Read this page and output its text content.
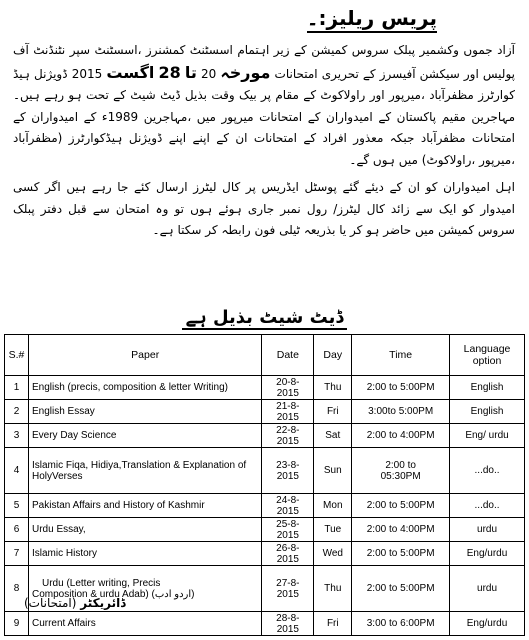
پریس ریلیز:۔
آزاد جموں وکشمیر پبلک سروس کمیشن کے زیر اہتمام اسسٹنٹ کمشنرز ،اسسٹنٹ سپر نٹنڈنٹ آف پولیس اور سیکشن آفیسرز کے تحریری امتحانات مورخہ 20 تا 28 اگست 2015 ڈویژنل ہیڈ کوارٹرز مظفرآباد ،میرپور اور راولاکوٹ کے مقام پر بیک وقت بذیل ڈیٹ شیٹ کے تحت ہو رہے ہیں۔ مہاجرین مقیم پاکستان کے امیدواران کے امتحانات میرپور میں ،مہاجرین 1989ء کے امیدواران کے امتحانات مظفرآباد جبکہ معذور افراد کے امتحانات ان کے اپنے اپنے ڈویژنل ہیڈکوارٹرز (مظفرآباد ،میرپور ،راولاکوٹ) میں ہوں گے۔
اہل امیدواران کو ان کے دیئے گئے پوسٹل ایڈریس پر کال لیٹرز ارسال کئے جا رہے ہیں اگر کسی امیدوار کو ایک سے زائد کال لیٹرز/ رول نمبر جاری ہوئے ہوں تو وہ امتحان سے قبل دفتر پبلک سروس کمیشن میں حاضر ہو کر یا بذریعہ ٹیلی فون رابطہ کر سکتا ہے۔
ڈیٹ شیٹ بذیل ہے
S.#	Paper	Date	Day	Time	Language
option
1	English (precis, composition & letter Writing)	20-8-2015	Thu	2:00 to 5:00PM	English
2	English Essay	21-8-2015	Fri	3:00to 5:00PM	English
3	Every Day Science	22-8-2015	Sat	2:00 to 4:00PM	Eng/ urdu
4	Islamic Fiqa, Hidiya,Translation & Explanation of
HolyVerses	23-8-2015	Sun	2:00 to
05:30PM	...do..
5	Pakistan Affairs and History of Kashmir	24-8-2015	Mon	2:00 to 5:00PM	...do..
6	Urdu Essay,	25-8-2015	Tue	2:00 to 4:00PM	urdu
7	Islamic History	26-8-2015	Wed	2:00 to 5:00PM	Eng/urdu
8	Urdu (Letter writing, Precis
Composition & urdu Adab) (اردو ادب)	27-8-2015	Thu	2:00 to 5:00PM	urdu
9	Current Affairs	28-8-2015	Fri	3:00 to 6:00PM	Eng/urdu
ڈائریکٹر (امتحانات)
